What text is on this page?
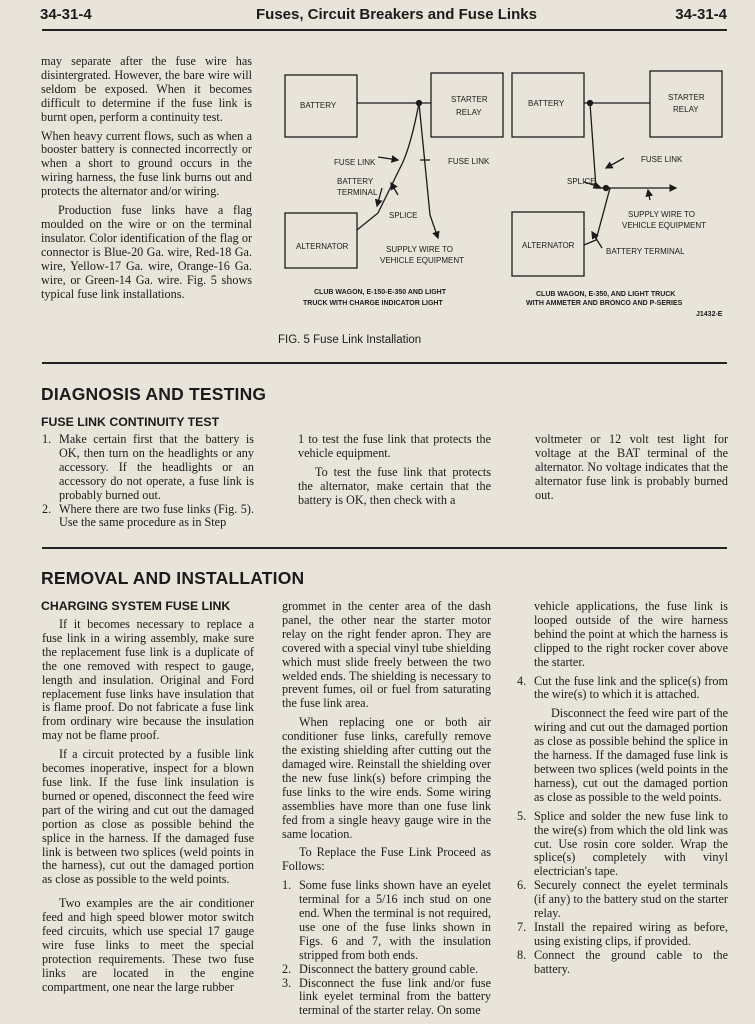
34-31-4	Fuses, Circuit Breakers and Fuse Links	34-31-4

may separate after the fuse wire has disintergrated. However, the bare wire will seldom be exposed. When it becomes difficult to determine if the fuse link is burnt open, perform a continuity test.

When heavy current flows, such as when a booster battery is connected incorrectly or when a short to ground occurs in the wiring harness, the fuse link burns out and protects the alternator and/or wiring.

Production fuse links have a flag moulded on the wire or on the terminal insulator. Color identification of the flag or connector is Blue-20 Ga. wire, Red-18 Ga. wire, Yellow-17 Ga. wire, Orange-16 Ga. wire, or Green-14 Ga. wire. Fig. 5 shows typical fuse link installations.

BATTERY
STARTER
RELAY
FUSE LINK	FUSE LINK
BATTERY
TERMINAL
SPLICE
ALTERNATOR	SUPPLY WIRE TO
VEHICLE EQUIPMENT
CLUB WAGON, E-150-E-350 AND LIGHT
TRUCK WITH CHARGE INDICATOR LIGHT
BATTERY
STARTER
RELAY
FUSE LINK
SPLICE
SUPPLY WIRE TO
VEHICLE EQUIPMENT
ALTERNATOR
BATTERY TERMINAL
CLUB WAGON, E-350, AND LIGHT TRUCK
WITH AMMETER AND BRONCO AND P-SERIES
J1432-E
FIG. 5 Fuse Link Installation
DIAGNOSIS AND TESTING
FUSE LINK CONTINUITY TEST
1. Make certain first that the battery is OK, then turn on the headlights or any accessory. If the headlights or an accessory do not operate, a fuse link is probably burned out.
2. Where there are two fuse links (Fig. 5). Use the same procedure as in Step

1 to test the fuse link that protects the vehicle equipment.

To test the fuse link that protects the alternator, make certain that the battery is OK, then check with a

voltmeter or 12 volt test light for voltage at the BAT terminal of the alternator. No voltage indicates that the alternator fuse link is probably burned out.

REMOVAL AND INSTALLATION
CHARGING SYSTEM FUSE LINK

If it becomes necessary to replace a fuse link in a wiring assembly, make sure the replacement fuse link is a duplicate of the one removed with respect to gauge, length and insulation. Original and Ford replacement fuse links have insulation that is flame proof. Do not fabricate a fuse link from ordinary wire because the insulation may not be flame proof.

If a circuit protected by a fusible link becomes inoperative, inspect for a blown fuse link. If the fuse link insulation is burned or opened, disconnect the feed wire part of the wiring and cut out the damaged portion as close as possible behind the splice in the harness. If the damaged fuse link is between two splices (weld points in the harness), cut out the damaged portion as close as possible to the weld points.

Two examples are the air conditioner feed and high speed blower motor switch feed circuits, which use special 17 gauge wire fuse links to meet the special protection requirements. These two fuse links are located in the engine compartment, one near the large rubber

grommet in the center area of the dash panel, the other near the starter motor relay on the right fender apron. They are covered with a special vinyl tube shielding which must slide freely between the two welded ends. The shielding is necessary to prevent fumes, oil or fuel from saturating the fuse link area.

When replacing one or both air conditioner fuse links, carefully remove the existing shielding after cutting out the damaged wire. Reinstall the shielding over the new fuse link(s) before crimping the fuse links to the wire ends. Some wiring assemblies have more than one fuse link fed from a single heavy gauge wire in the same location.

To Replace the Fuse Link Proceed as Follows:

1. Some fuse links shown have an eyelet terminal for a 5/16 inch stud on one end. When the terminal is not required, use one of the fuse links shown in Figs. 6 and 7, with the insulation stripped from both ends.
2. Disconnect the battery ground cable.
3. Disconnect the fuse link and/or fuse link eyelet terminal from the battery terminal of the starter relay. On some

vehicle applications, the fuse link is looped outside of the wire harness behind the point at which the harness is clipped to the right rocker cover above the starter.

4. Cut the fuse link and the splice(s) from the wire(s) to which it is attached.

Disconnect the feed wire part of the wiring and cut out the damaged portion as close as possible behind the splice in the harness. If the damaged fuse link is between two splices (weld points in the harness), cut out the damaged portion as close as possible to the weld points.

5. Splice and solder the new fuse link to the wire(s) from which the old link was cut. Use rosin core solder. Wrap the splice(s) completely with vinyl electrician's tape.
6. Securely connect the eyelet terminals (if any) to the battery stud on the starter relay.
7. Install the repaired wiring as before, using existing clips, if provided.
8. Connect the ground cable to the battery.
